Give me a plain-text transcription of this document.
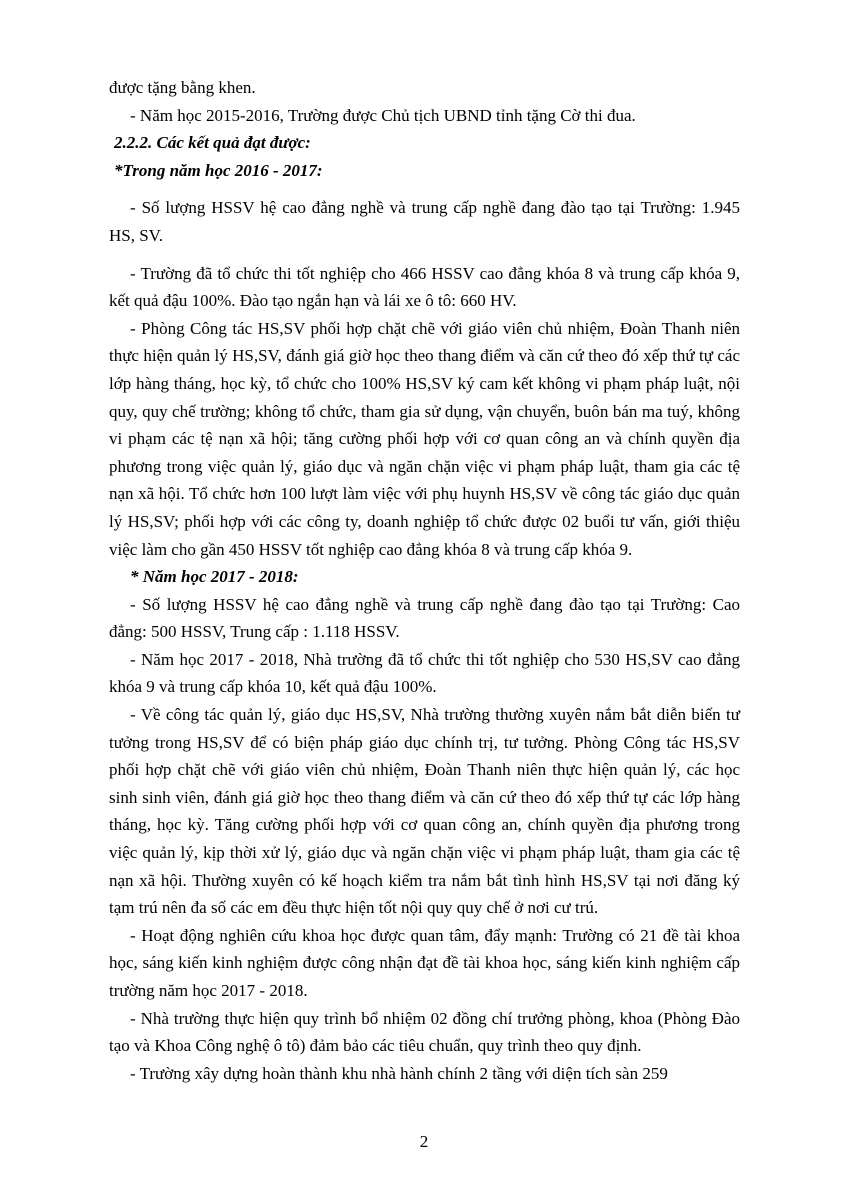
được tặng bằng khen.

- Năm học 2015-2016, Trường được Chủ tịch UBND tỉnh tặng Cờ thi đua.

2.2.2. Các kết quả đạt được:

*Trong năm học 2016 - 2017:

- Số lượng HSSV hệ cao đẳng nghề và trung cấp nghề đang đào tạo tại Trường: 1.945 HS, SV.

- Trường đã tổ chức thi tốt nghiệp cho 466 HSSV cao đẳng khóa 8 và trung cấp khóa 9, kết quả đậu 100%. Đào tạo ngắn hạn và lái xe ô tô: 660 HV.

- Phòng Công tác HS,SV phối hợp chặt chẽ với giáo viên chủ nhiệm, Đoàn Thanh niên thực hiện quản lý HS,SV, đánh giá giờ học theo thang điểm và căn cứ theo đó xếp thứ tự các lớp hàng tháng, học kỳ, tổ chức cho 100% HS,SV ký cam kết không vi phạm pháp luật, nội quy, quy chế trường; không tổ chức, tham gia sử dụng, vận chuyển, buôn bán ma tuý, không vi phạm các tệ nạn xã hội; tăng cường phối hợp với cơ quan công an và chính quyền địa phương trong việc quản lý, giáo dục và ngăn chặn việc vi phạm pháp luật, tham gia các tệ nạn xã hội. Tổ chức hơn 100 lượt làm việc với phụ huynh HS,SV về công tác giáo dục quản lý HS,SV; phối hợp với các công ty, doanh nghiệp tổ chức được 02 buổi tư vấn, giới thiệu việc làm cho gần 450 HSSV tốt nghiệp cao đẳng khóa 8 và trung cấp khóa 9.

* Năm học 2017 - 2018:

- Số lượng HSSV hệ cao đẳng nghề và trung cấp nghề đang đào tạo tại Trường: Cao đẳng: 500 HSSV, Trung cấp : 1.118 HSSV.

- Năm học 2017 - 2018, Nhà trường đã tổ chức thi tốt nghiệp cho 530 HS,SV cao đẳng khóa 9 và trung cấp khóa 10, kết quả đậu 100%.

- Về công tác quản lý, giáo dục HS,SV, Nhà trường thường xuyên nắm bắt diễn biến tư tưởng trong HS,SV để có biện pháp giáo dục chính trị, tư tưởng. Phòng Công tác HS,SV phối hợp chặt chẽ với giáo viên chủ nhiệm, Đoàn Thanh niên thực hiện quản lý, các học sinh sinh viên, đánh giá giờ học theo thang điểm và căn cứ theo đó xếp thứ tự các lớp hàng tháng, học kỳ. Tăng cường phối hợp với cơ quan công an, chính quyền địa phương trong việc quản lý, kịp thời xử lý, giáo dục và ngăn chặn việc vi phạm pháp luật, tham gia các tệ nạn xã hội. Thường xuyên có kế hoạch kiểm tra nắm bắt tình hình HS,SV tại nơi đăng ký tạm trú nên đa số các em đều thực hiện tốt nội quy quy chế ở nơi cư trú.

- Hoạt động nghiên cứu khoa học được quan tâm, đẩy mạnh: Trường có 21 đề tài khoa học, sáng kiến kinh nghiệm được công nhận đạt đề tài khoa học, sáng kiến kinh nghiệm cấp trường năm học 2017 - 2018.

- Nhà trường thực hiện quy trình bổ nhiệm 02 đồng chí trưởng phòng, khoa (Phòng Đào tạo và Khoa Công nghệ ô tô) đảm bảo các tiêu chuẩn, quy trình theo quy định.

- Trường xây dựng hoàn thành khu nhà hành chính 2 tầng với diện tích sàn 259

2
